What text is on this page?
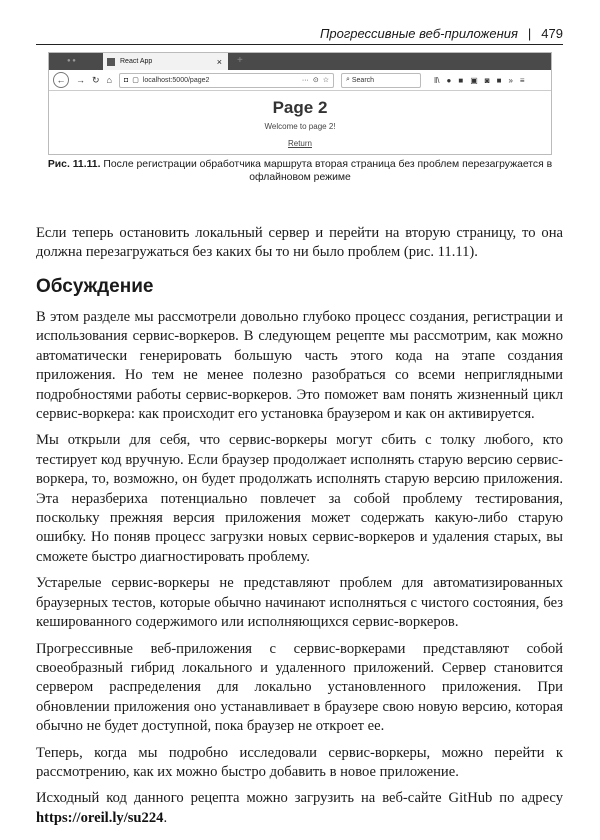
Прогрессивные веб-приложения | 479
● ●	React App	× +
←	→ ↻ ⌂ ◘ ▢ localhost:5000/page2	··· ⊙ ☆ ⌕ Search	‖\ ● ■ ▣ ◙ ■ » ≡
Page 2
Welcome to page 2!
Return
Рис. 11.11. После регистрации обработчика маршрута вторая страница без проблем перезагружается в офлайновом режиме

Если теперь остановить локальный сервер и перейти на вторую страницу, то она должна перезагружаться без каких бы то ни было проблем (рис. 11.11).

Обсуждение

В этом разделе мы рассмотрели довольно глубоко процесс создания, регистрации и использования сервис-воркеров. В следующем рецепте мы рассмотрим, как можно автоматически генерировать большую часть этого кода на этапе создания приложения. Но тем не менее полезно разобраться со всеми неприглядными подробностями работы сервис-воркеров. Это поможет вам понять жизненный цикл сервис-воркера: как происходит его установка браузером и как он активируется.

Мы открыли для себя, что сервис-воркеры могут сбить с толку любого, кто тестирует код вручную. Если браузер продолжает исполнять старую версию сервис-воркера, то, возможно, он будет продолжать исполнять старую версию приложения. Эта неразбериха потенциально повлечет за собой проблему тестирования, поскольку прежняя версия приложения может содержать какую-либо старую ошибку. Но поняв процесс загрузки новых сервис-воркеров и удаления старых, вы сможете быстро диагностировать проблему.

Устарелые сервис-воркеры не представляют проблем для автоматизированных браузерных тестов, которые обычно начинают исполняться с чистого состояния, без кешированного содержимого или исполняющихся сервис-воркеров.

Прогрессивные веб-приложения с сервис-воркерами представляют собой своеобразный гибрид локального и удаленного приложений. Сервер становится сервером распределения для локально установленного приложения. При обновлении приложения оно устанавливает в браузере свою новую версию, которая обычно не будет доступной, пока браузер не откроет ее.

Теперь, когда мы подробно исследовали сервис-воркеры, можно перейти к рассмотрению, как их можно быстро добавить в новое приложение.

Исходный код данного рецепта можно загрузить на веб-сайте GitHub по адресу https://oreil.ly/su224.
